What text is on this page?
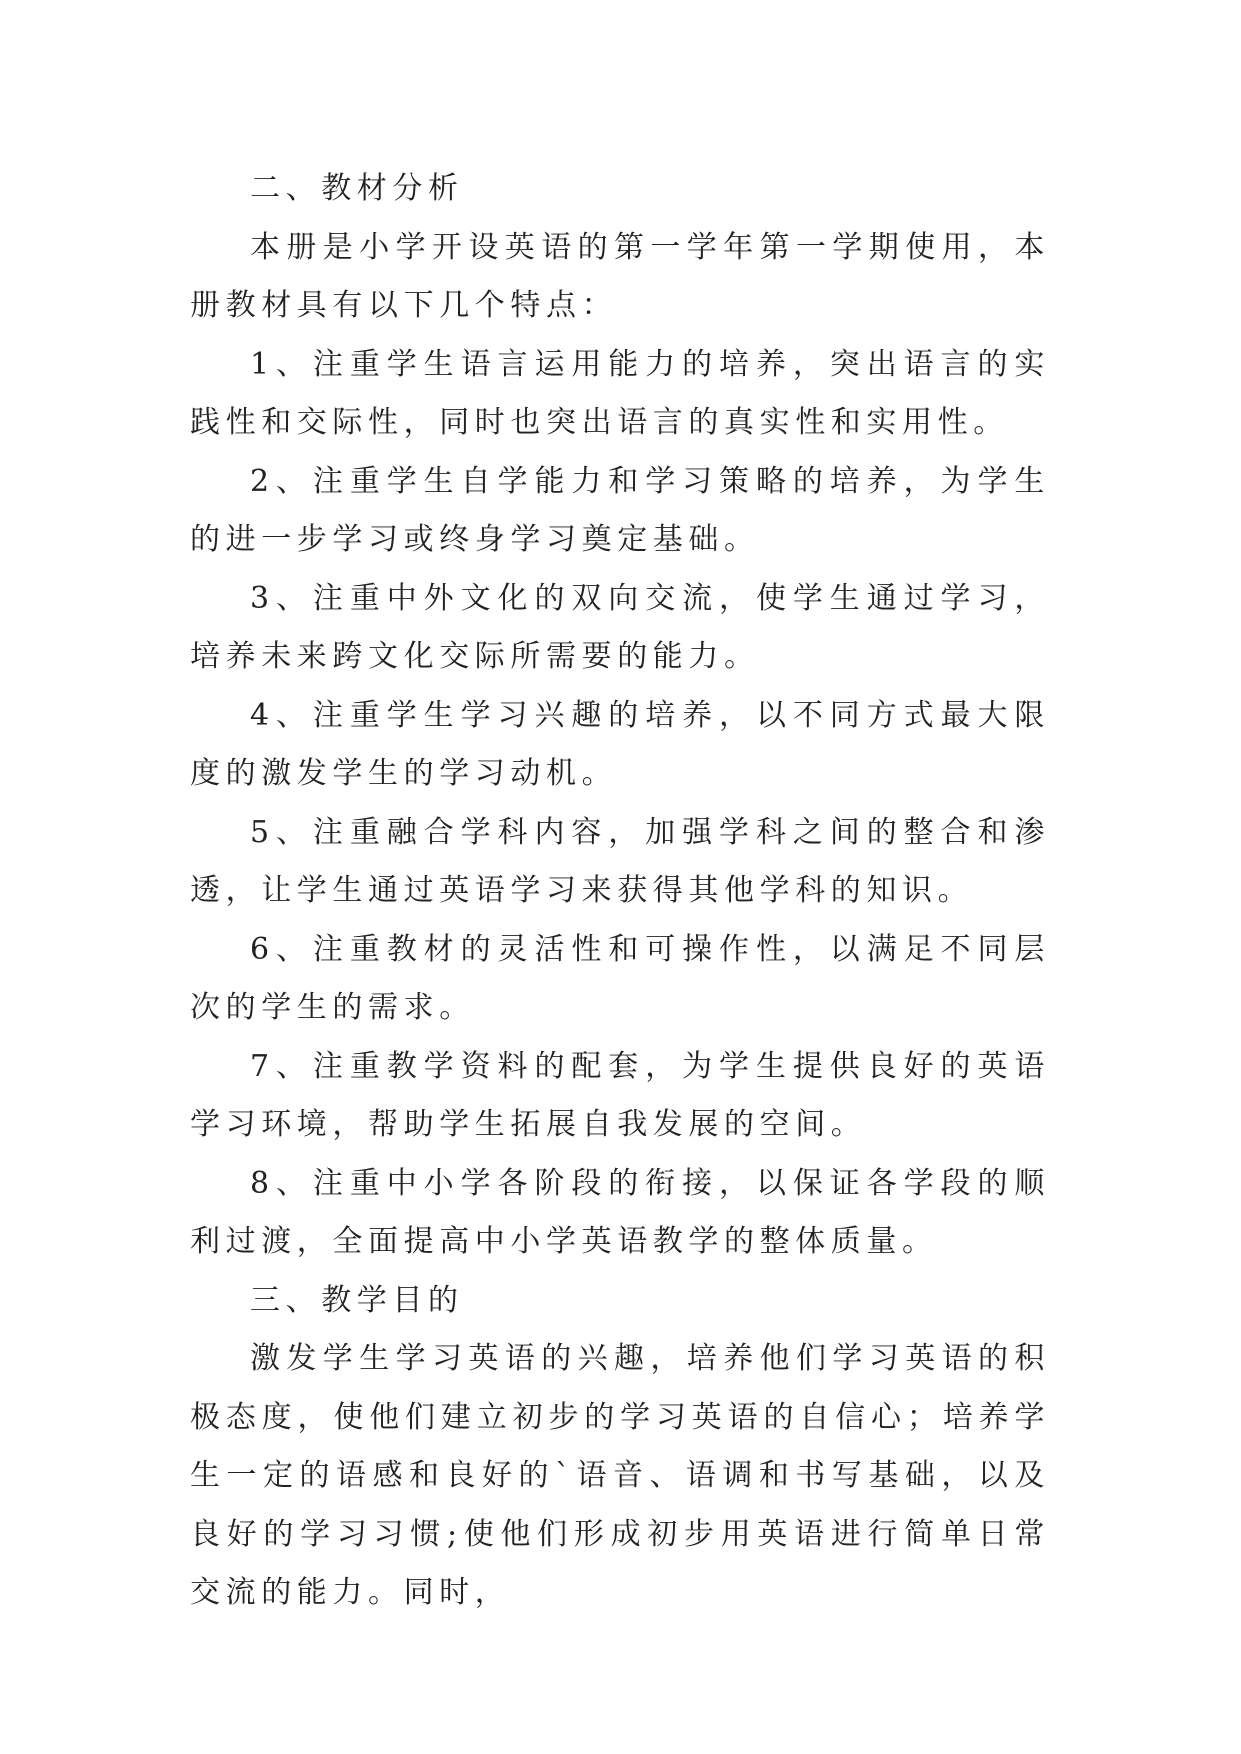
二、教材分析

本册是小学开设英语的第一学年第一学期使用，本册教材具有以下几个特点：

1、注重学生语言运用能力的培养，突出语言的实践性和交际性，同时也突出语言的真实性和实用性。

2、注重学生自学能力和学习策略的培养，为学生的进一步学习或终身学习奠定基础。

3、注重中外文化的双向交流，使学生通过学习，培养未来跨文化交际所需要的能力。

4、注重学生学习兴趣的培养，以不同方式最大限度的激发学生的学习动机。

5、注重融合学科内容，加强学科之间的整合和渗透，让学生通过英语学习来获得其他学科的知识。

6、注重教材的灵活性和可操作性，以满足不同层次的学生的需求。

7、注重教学资料的配套，为学生提供良好的英语学习环境，帮助学生拓展自我发展的空间。

8、注重中小学各阶段的衔接，以保证各学段的顺利过渡，全面提高中小学英语教学的整体质量。

三、教学目的

激发学生学习英语的兴趣，培养他们学习英语的积极态度，使他们建立初步的学习英语的自信心；培养学生一定的语感和良好的`语音、语调和书写基础，以及良好的学习习惯;使他们形成初步用英语进行简单日常交流的能力。同时，
